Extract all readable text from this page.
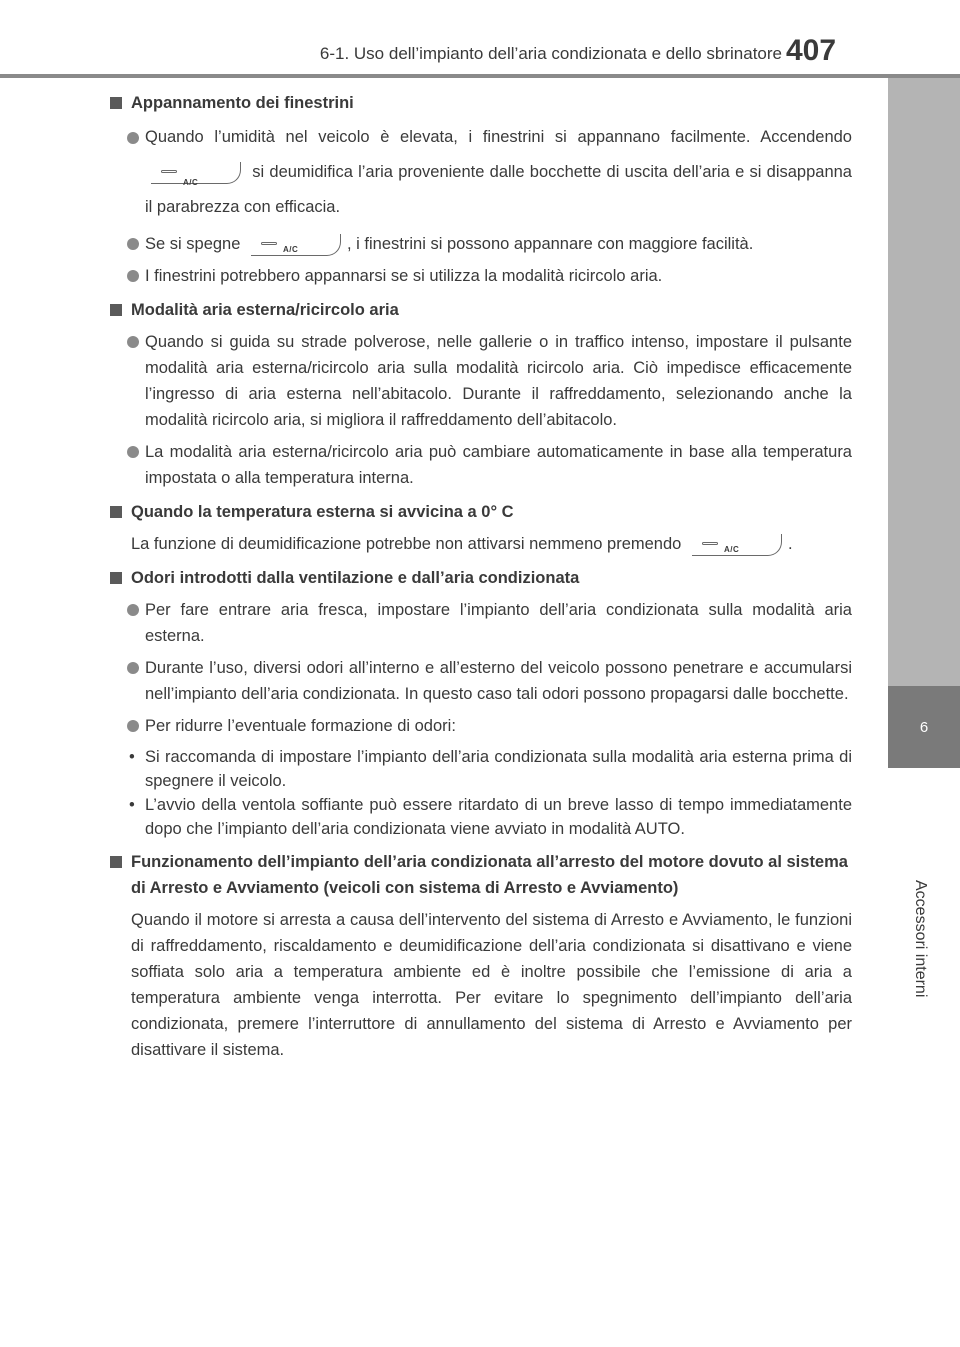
6-1. Uso dell’impianto dell’aria condizionata e dello sbrinatore 407
6
Accessori interni

Appannamento dei finestrini

Quando l’umidità nel veicolo è elevata, i finestrini si appannano facilmente. Accendendo
A/C
si deumidifica l’aria proveniente dalle bocchette di uscita dell’aria e si disappanna il parabrezza con efficacia.

Se si spegne	A/C	, i finestrini si possono appannare con maggiore facilità.

I finestrini potrebbero appannarsi se si utilizza la modalità ricircolo aria.

Modalità aria esterna/ricircolo aria

Quando si guida su strade polverose, nelle gallerie o in traffico intenso, impostare il pulsante modalità aria esterna/ricircolo aria sulla modalità ricircolo aria. Ciò impedisce efficacemente l’ingresso di aria esterna nell’abitacolo. Durante il raffreddamento, selezionando anche la modalità ricircolo aria, si migliora il raffreddamento dell’abitacolo.

La modalità aria esterna/ricircolo aria può cambiare automaticamente in base alla temperatura impostata o alla temperatura interna.

Quando la temperatura esterna si avvicina a 0° C

La funzione di deumidificazione potrebbe non attivarsi nemmeno premendo	A/C	.

Odori introdotti dalla ventilazione e dall’aria condizionata

Per fare entrare aria fresca, impostare l’impianto dell’aria condizionata sulla modalità aria esterna.

Durante l’uso, diversi odori all’interno e all’esterno del veicolo possono penetrare e accumularsi nell’impianto dell’aria condizionata. In questo caso tali odori possono propagarsi dalle bocchette.

Per ridurre l’eventuale formazione di odori:

• Si raccomanda di impostare l’impianto dell’aria condizionata sulla modalità aria esterna prima di spegnere il veicolo.
• L’avvio della ventola soffiante può essere ritardato di un breve lasso di tempo immediatamente dopo che l’impianto dell’aria condizionata viene avviato in modalità AUTO.

Funzionamento dell’impianto dell’aria condizionata all’arresto del motore dovuto al sistema di Arresto e Avviamento (veicoli con sistema di Arresto e Avviamento)

Quando il motore si arresta a causa dell’intervento del sistema di Arresto e Avviamento, le funzioni di raffreddamento, riscaldamento e deumidificazione dell’aria condizionata si disattivano e viene soffiata solo aria a temperatura ambiente ed è inoltre possibile che l’emissione di aria a temperatura ambiente venga interrotta. Per evitare lo spegnimento dell’impianto dell’aria condizionata, premere l’interruttore di annullamento del sistema di Arresto e Avviamento per disattivare il sistema.
